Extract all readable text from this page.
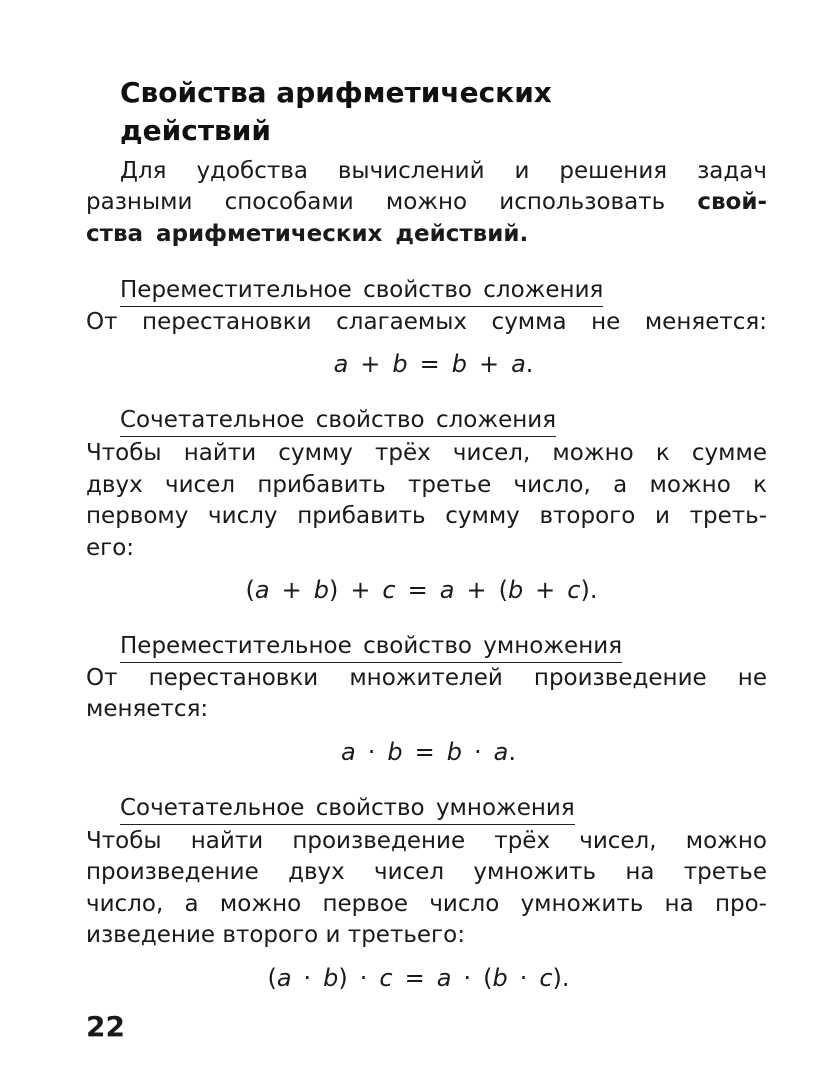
Свойства арифметических
действий
Для удобства вычислений и решения задач
разными способами можно использовать свой-
ства арифметических действий.
Переместительное свойство сложения
От перестановки слагаемых сумма не меняется:
a  +  b  =  b  +  a.
Сочетательное свойство сложения
Чтобы найти сумму трёх чисел, можно к сумме
двух чисел прибавить третье число, а можно к
первому числу прибавить сумму второго и треть-
его:
(a  +  b)  +  c  =  a  +  (b  +  c).
Переместительное свойство умножения
От перестановки множителей произведение не
меняется:
a  ·  b  =  b  ·  a.
Сочетательное свойство умножения
Чтобы найти произведение трёх чисел, можно
произведение двух чисел умножить на третье
число, а можно первое число умножить на про-
изведение второго и третьего:
(a  ·  b)  ·  c  =  a  ·  (b  ·  c).
22
